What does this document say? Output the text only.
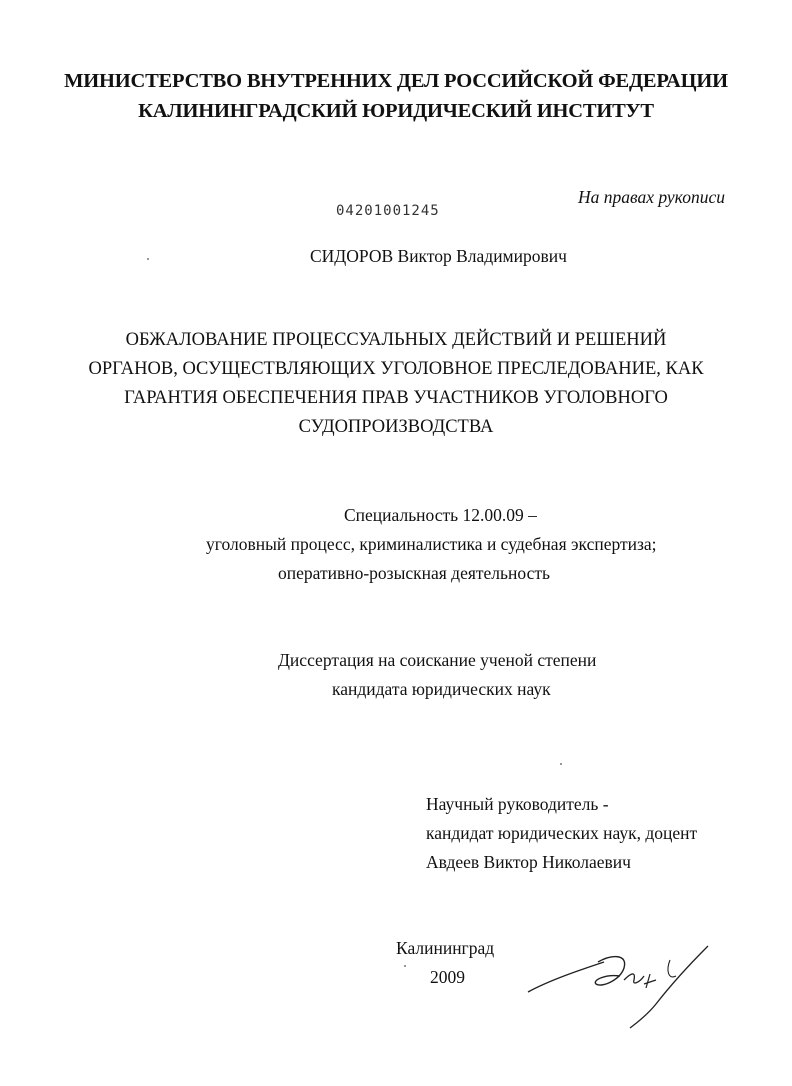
МИНИСТЕРСТВО ВНУТРЕННИХ ДЕЛ РОССИЙСКОЙ ФЕДЕРАЦИИ
КАЛИНИНГРАДСКИЙ ЮРИДИЧЕСКИЙ ИНСТИТУТ
На правах рукописи
04201001245
СИДОРОВ Виктор Владимирович
ОБЖАЛОВАНИЕ ПРОЦЕССУАЛЬНЫХ ДЕЙСТВИЙ И РЕШЕНИЙ
ОРГАНОВ, ОСУЩЕСТВЛЯЮЩИХ УГОЛОВНОЕ ПРЕСЛЕДОВАНИЕ, КАК
ГАРАНТИЯ ОБЕСПЕЧЕНИЯ ПРАВ УЧАСТНИКОВ УГОЛОВНОГО
СУДОПРОИЗВОДСТВА
Специальность 12.00.09 –
уголовный процесс, криминалистика и судебная экспертиза;
оперативно-розыскная деятельность
Диссертация на соискание ученой степени
кандидата юридических наук
Научный руководитель -
кандидат юридических наук, доцент
Авдеев Виктор Николаевич
Калининград
2009
